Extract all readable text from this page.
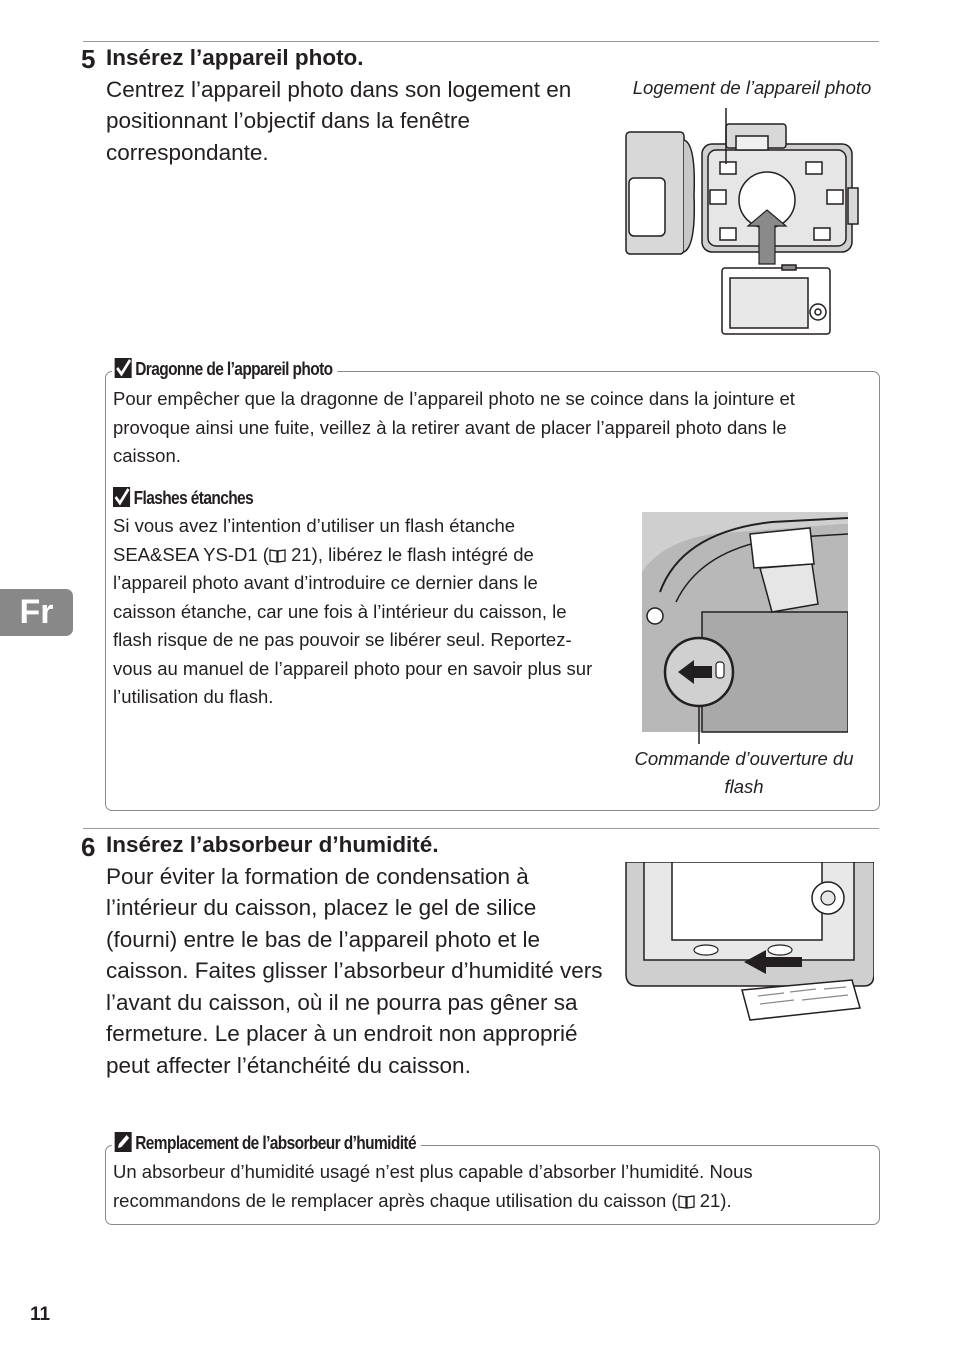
5 Insérez l’appareil photo.
Centrez l’appareil photo dans son logement en positionnant l’objectif dans la fenêtre correspondante.
Logement de l’appareil photo
Dragonne de l’appareil photo
Pour empêcher que la dragonne de l’appareil photo ne se coince dans la jointure et provoque ainsi une fuite, veillez à la retirer avant de placer l’appareil photo dans le caisson.
Flashes étanches
Si vous avez l’intention d’utiliser un flash étanche SEA&SEA YS-D1 ( 21), libérez le flash intégré de l’appareil photo avant d’introduire ce dernier dans le caisson étanche, car une fois à l’intérieur du caisson, le flash risque de ne pas pouvoir se libérer seul. Reportez-vous au manuel de l’appareil photo pour en savoir plus sur l’utilisation du flash.
Commande d’ouverture du flash
6 Insérez l’absorbeur d’humidité.
Pour éviter la formation de condensation à l’intérieur du caisson, placez le gel de silice (fourni) entre le bas de l’appareil photo et le caisson. Faites glisser l’absorbeur d’humidité vers l’avant du caisson, où il ne pourra pas gêner sa fermeture. Le placer à un endroit non approprié peut affecter l’étanchéité du caisson.
Remplacement de l’absorbeur d’humidité
Un absorbeur d’humidité usagé n’est plus capable d’absorber l’humidité. Nous recommandons de le remplacer après chaque utilisation du caisson ( 21).
Fr
11
